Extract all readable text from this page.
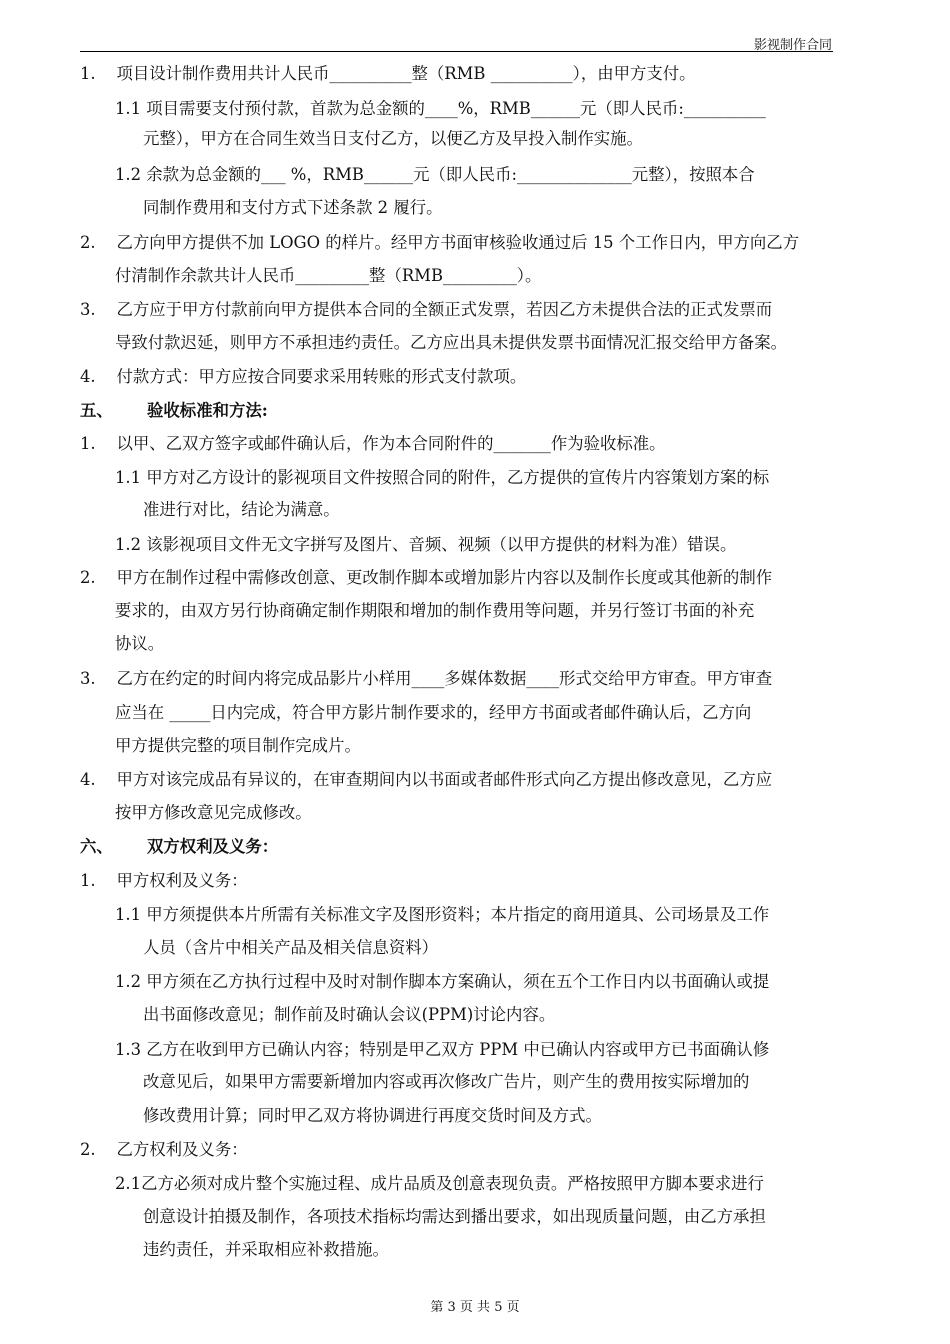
影视制作合同
1.    项目设计制作费用共计人民币__________整（RMB __________），由甲方支付。
1.1 项目需要支付预付款，首款为总金额的____%，RMB______元（即人民币:__________
元整），甲方在合同生效当日支付乙方，以便乙方及早投入制作实施。
1.2 余款为总金额的___ %，RMB______元（即人民币:______________元整），按照本合
同制作费用和支付方式下述条款 2 履行。
2.    乙方向甲方提供不加 LOGO 的样片。经甲方书面审核验收通过后 15 个工作日内，甲方向乙方
付清制作余款共计人民币_________整（RMB_________）。
3.    乙方应于甲方付款前向甲方提供本合同的全额正式发票，若因乙方未提供合法的正式发票而
导致付款迟延，则甲方不承担违约责任。乙方应出具未提供发票书面情况汇报交给甲方备案。
4.    付款方式：甲方应按合同要求采用转账的形式支付款项。
五、      验收标准和方法:
1.    以甲、乙双方签字或邮件确认后，作为本合同附件的_______作为验收标准。
1.1 甲方对乙方设计的影视项目文件按照合同的附件，乙方提供的宣传片内容策划方案的标
准进行对比，结论为满意。
1.2 该影视项目文件无文字拼写及图片、音频、视频（以甲方提供的材料为准）错误。
2.    甲方在制作过程中需修改创意、更改制作脚本或增加影片内容以及制作长度或其他新的制作
要求的，由双方另行协商确定制作期限和增加的制作费用等问题，并另行签订书面的补充
协议。
3.    乙方在约定的时间内将完成品影片小样用____多媒体数据____形式交给甲方审查。甲方审查
应当在 _____日内完成，符合甲方影片制作要求的，经甲方书面或者邮件确认后，乙方向
甲方提供完整的项目制作完成片。
4.    甲方对该完成品有异议的，在审查期间内以书面或者邮件形式向乙方提出修改意见，乙方应
按甲方修改意见完成修改。
六、      双方权利及义务：
1.    甲方权利及义务：
1.1 甲方须提供本片所需有关标准文字及图形资料；本片指定的商用道具、公司场景及工作
人员（含片中相关产品及相关信息资料）
1.2 甲方须在乙方执行过程中及时对制作脚本方案确认，须在五个工作日内以书面确认或提
出书面修改意见；制作前及时确认会议(PPM)讨论内容。
1.3 乙方在收到甲方已确认内容；特别是甲乙双方 PPM 中已确认内容或甲方已书面确认修
改意见后，如果甲方需要新增加内容或再次修改广告片，则产生的费用按实际增加的
修改费用计算；同时甲乙双方将协调进行再度交货时间及方式。
2.    乙方权利及义务：
2.1乙方必须对成片整个实施过程、成片品质及创意表现负责。严格按照甲方脚本要求进行
创意设计拍摄及制作，各项技术指标均需达到播出要求，如出现质量问题，由乙方承担
违约责任，并采取相应补救措施。
第 3 页 共 5 页
